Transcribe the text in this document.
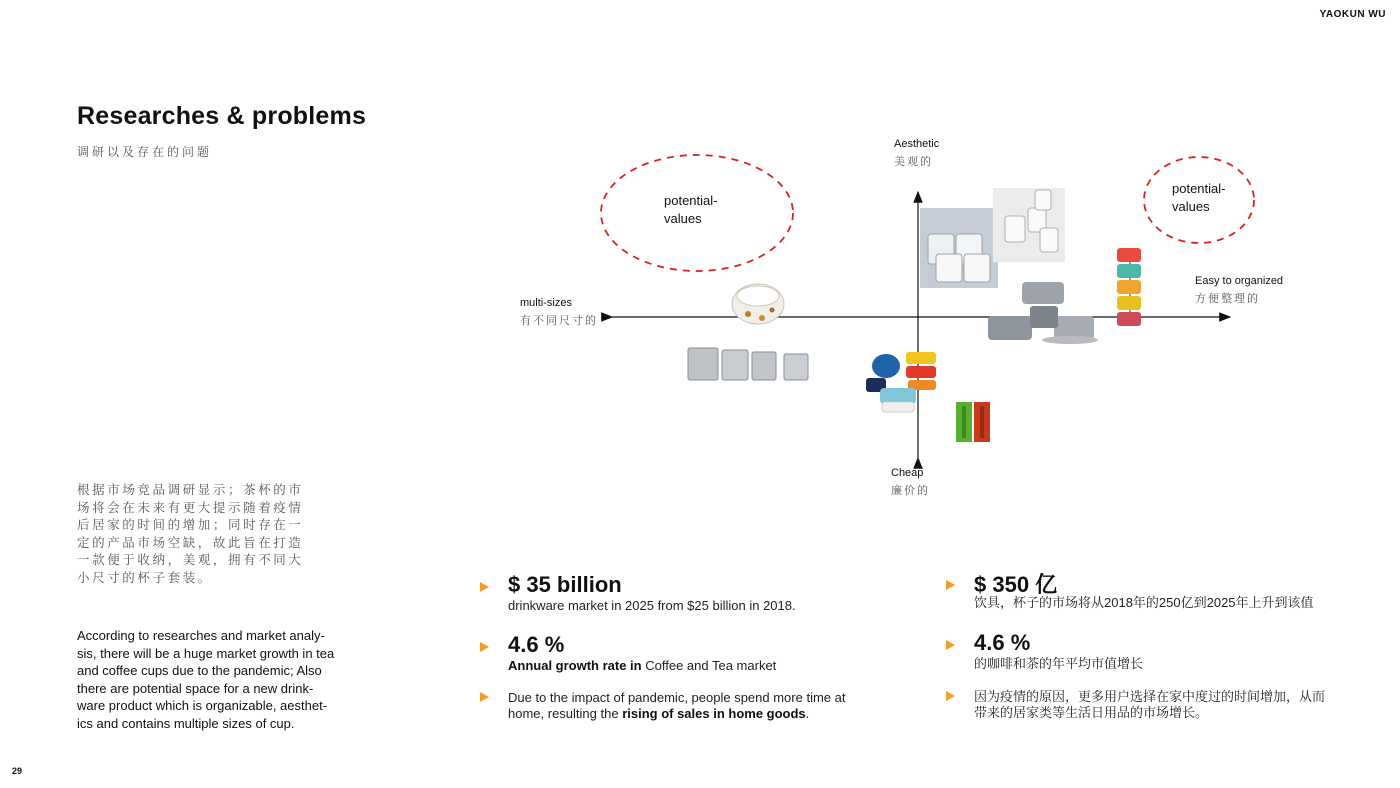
YAOKUN WU
29
Researches & problems
调研以及存在的问题
根据市场竞品调研显示；茶杯的市
场将会在未来有更大提示随着疫情
后居家的时间的增加；同时存在一
定的产品市场空缺，故此旨在打造
一款便于收纳，美观，拥有不同大
小尺寸的杯子套装。
According to researches and market analy-
sis, there will be a huge market growth in tea
and coffee cups due to the pandemic; Also
there are potential space for a new drink-
ware product which is organizable, aesthet-
ics and contains multiple sizes of cup.
Aesthetic
美观的
Cheap
廉价的
multi-sizes
有不同尺寸的
Easy to organized
方便整理的
potential-
values
potential-
values
$ 35 billion
drinkware market in 2025 from $25 billion in 2018.
4.6 %
Annual growth rate in Coffee and Tea market
Due to the impact of pandemic, people spend more time at
home, resulting the rising of sales in home goods.
$ 350 亿
饮具，杯子的市场将从2018年的250亿到2025年上升到该值
4.6 %
的咖啡和茶的年平均市值增长
因为疫情的原因，更多用户选择在家中度过的时间增加，从而
带来的居家类等生活日用品的市场增长。
